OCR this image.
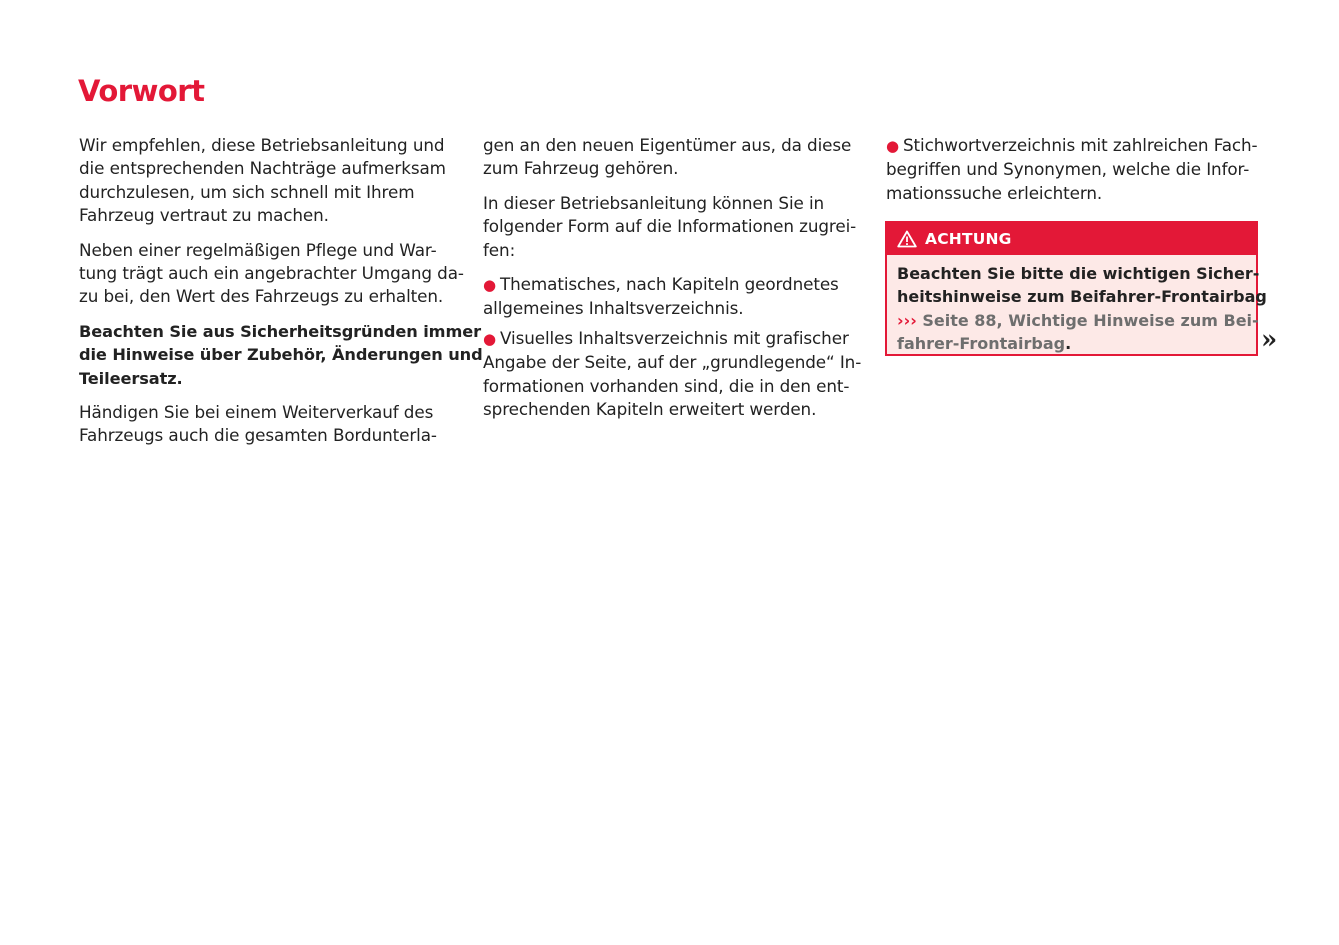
Vorwort

Wir empfehlen, diese Betriebsanleitung und
die entsprechenden Nachträge aufmerksam
durchzulesen, um sich schnell mit Ihrem
Fahrzeug vertraut zu machen.

Neben einer regelmäßigen Pflege und War-
tung trägt auch ein angebrachter Umgang da-
zu bei, den Wert des Fahrzeugs zu erhalten.

Beachten Sie aus Sicherheitsgründen immer
die Hinweise über Zubehör, Änderungen und
Teileersatz.

Händigen Sie bei einem Weiterverkauf des
Fahrzeugs auch die gesamten Bordunterla-

gen an den neuen Eigentümer aus, da diese
zum Fahrzeug gehören.

In dieser Betriebsanleitung können Sie in
folgender Form auf die Informationen zugrei-
fen:

● Thematisches, nach Kapiteln geordnetes
allgemeines Inhaltsverzeichnis.
● Visuelles Inhaltsverzeichnis mit grafischer
Angabe der Seite, auf der „grundlegende“ In-
formationen vorhanden sind, die in den ent-
sprechenden Kapiteln erweitert werden.
● Stichwortverzeichnis mit zahlreichen Fach-
begriffen und Synonymen, welche die Infor-
mationssuche erleichtern.
ACHTUNG
Beachten Sie bitte die wichtigen Sicher-
heitshinweise zum Beifahrer-Frontairbag
››› Seite 88, Wichtige Hinweise zum Bei-
fahrer-Frontairbag.	»
